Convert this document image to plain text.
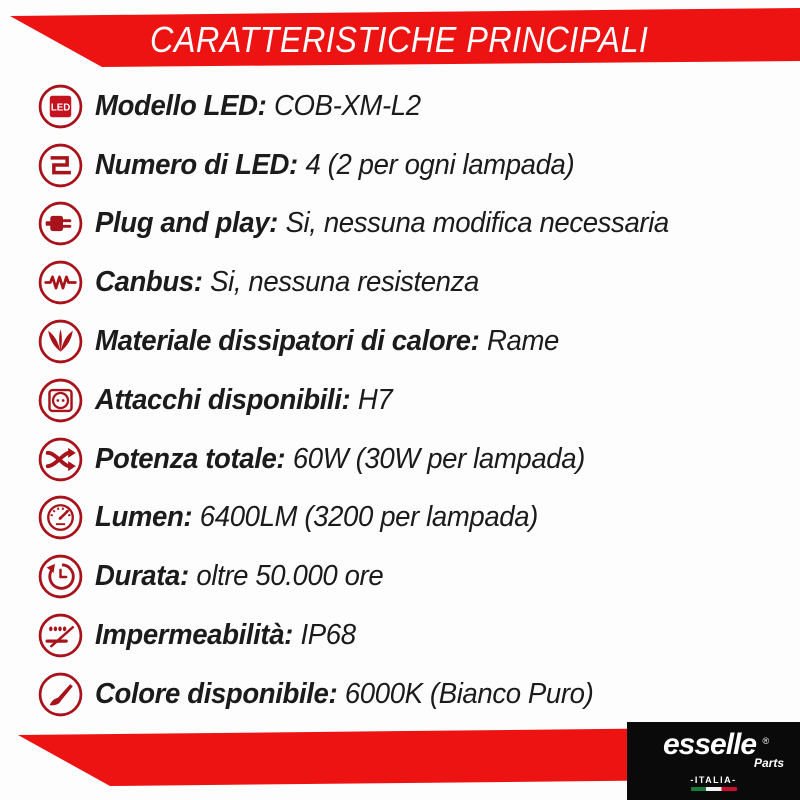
CARATTERISTICHE PRINCIPALI
LED Modello LED: COB-XM-L2
Numero di LED: 4 (2 per ogni lampada)
Plug and play: Si, nessuna modifica necessaria
Canbus: Si, nessuna resistenza
Materiale dissipatori di calore: Rame
Attacchi disponibili: H7
Potenza totale: 60W (30W per lampada)
Lumen: 6400LM (3200 per lampada)
Durata: oltre 50.000 ore
Impermeabilità: IP68
Colore disponibile: 6000K (Bianco Puro)
esselle ®
Parts
-ITALIA-
